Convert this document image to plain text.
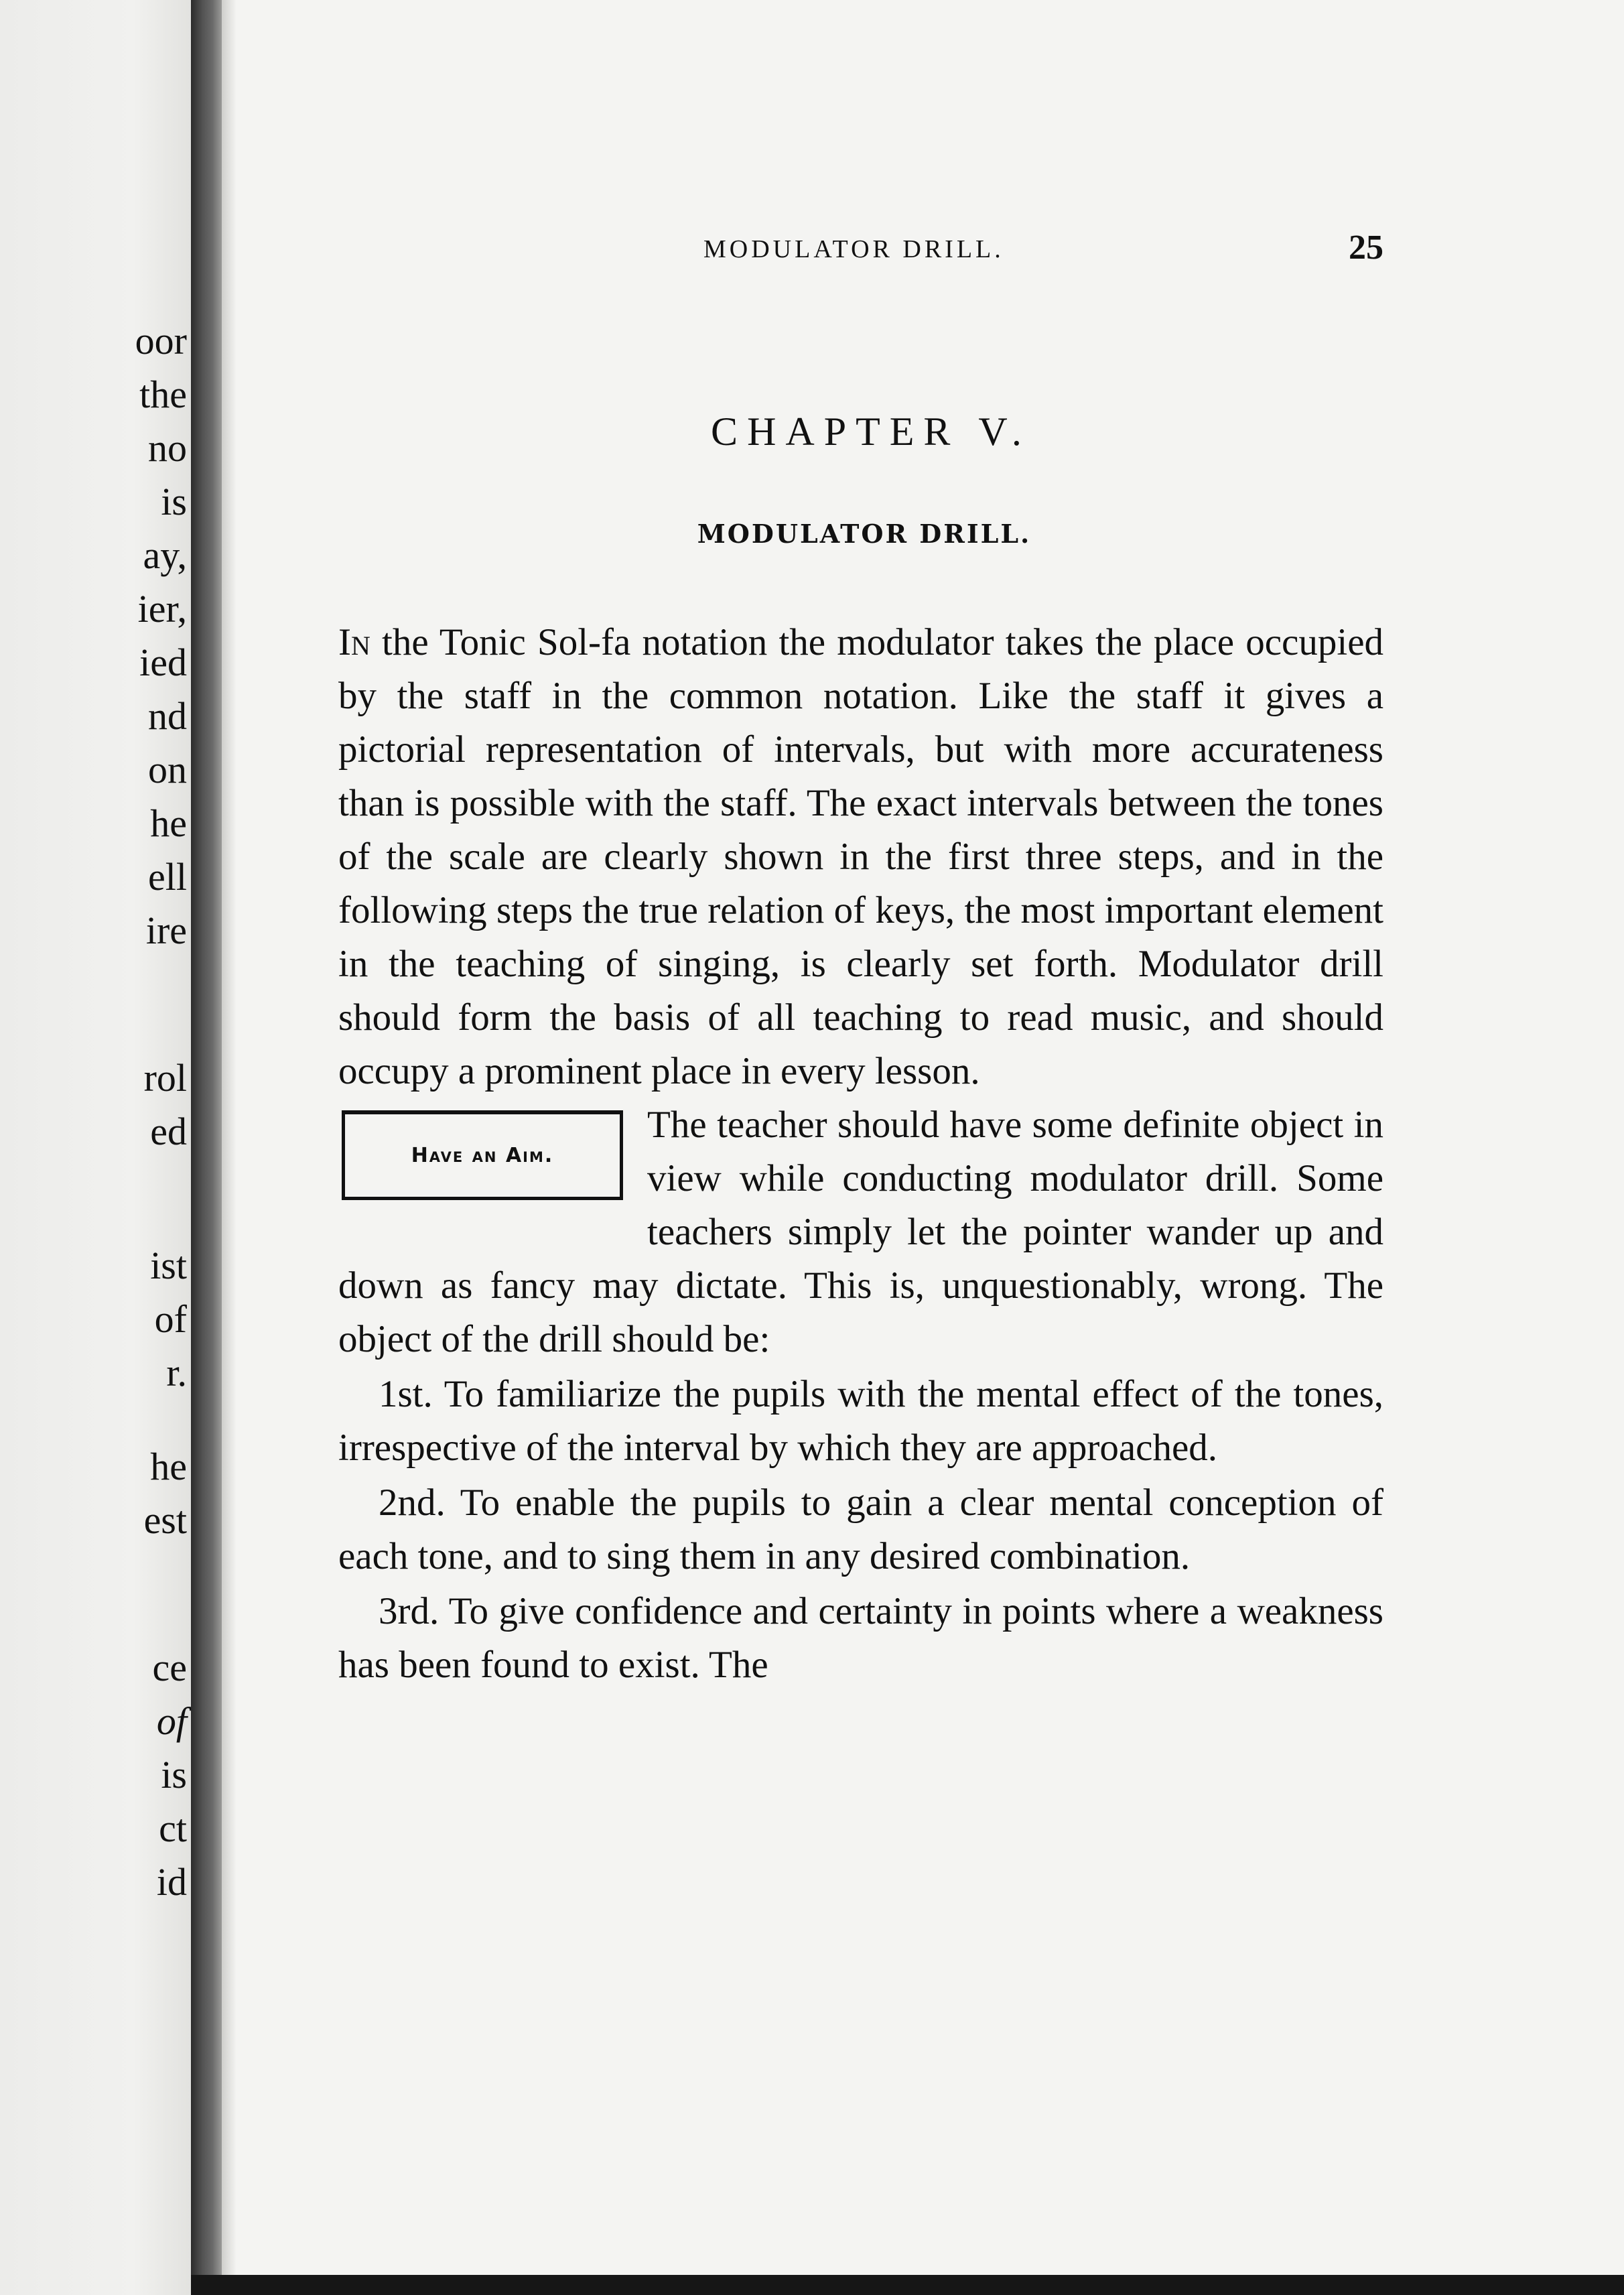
oor
the
no
is
ay,
ier,
ied
nd
on
he
ell
ire
rol
ed
ist
of
r.
he
est
ce
of
is
ct
id
MODULATOR DRILL.	25
CHAPTER V.
MODULATOR DRILL.

In the Tonic Sol-fa notation the modulator takes the place occupied by the staff in the common notation. Like the staff it gives a pictorial representation of intervals, but with more accurateness than is possible with the staff. The exact intervals between the tones of the scale are clearly shown in the first three steps, and in the following steps the true relation of keys, the most important element in the teaching of singing, is clearly set forth. Modulator drill should form the basis of all teaching to read music, and should occupy a prominent place in every lesson.

Have an Aim.

The teacher should have some definite object in view while conducting modulator drill. Some teachers simply let the pointer wander up and down as fancy may dictate. This is, unquestionably, wrong. The object of the drill should be:

1st. To familiarize the pupils with the mental effect of the tones, irrespective of the interval by which they are approached.

2nd. To enable the pupils to gain a clear mental conception of each tone, and to sing them in any desired combination.

3rd. To give confidence and certainty in points where a weakness has been found to exist. The
